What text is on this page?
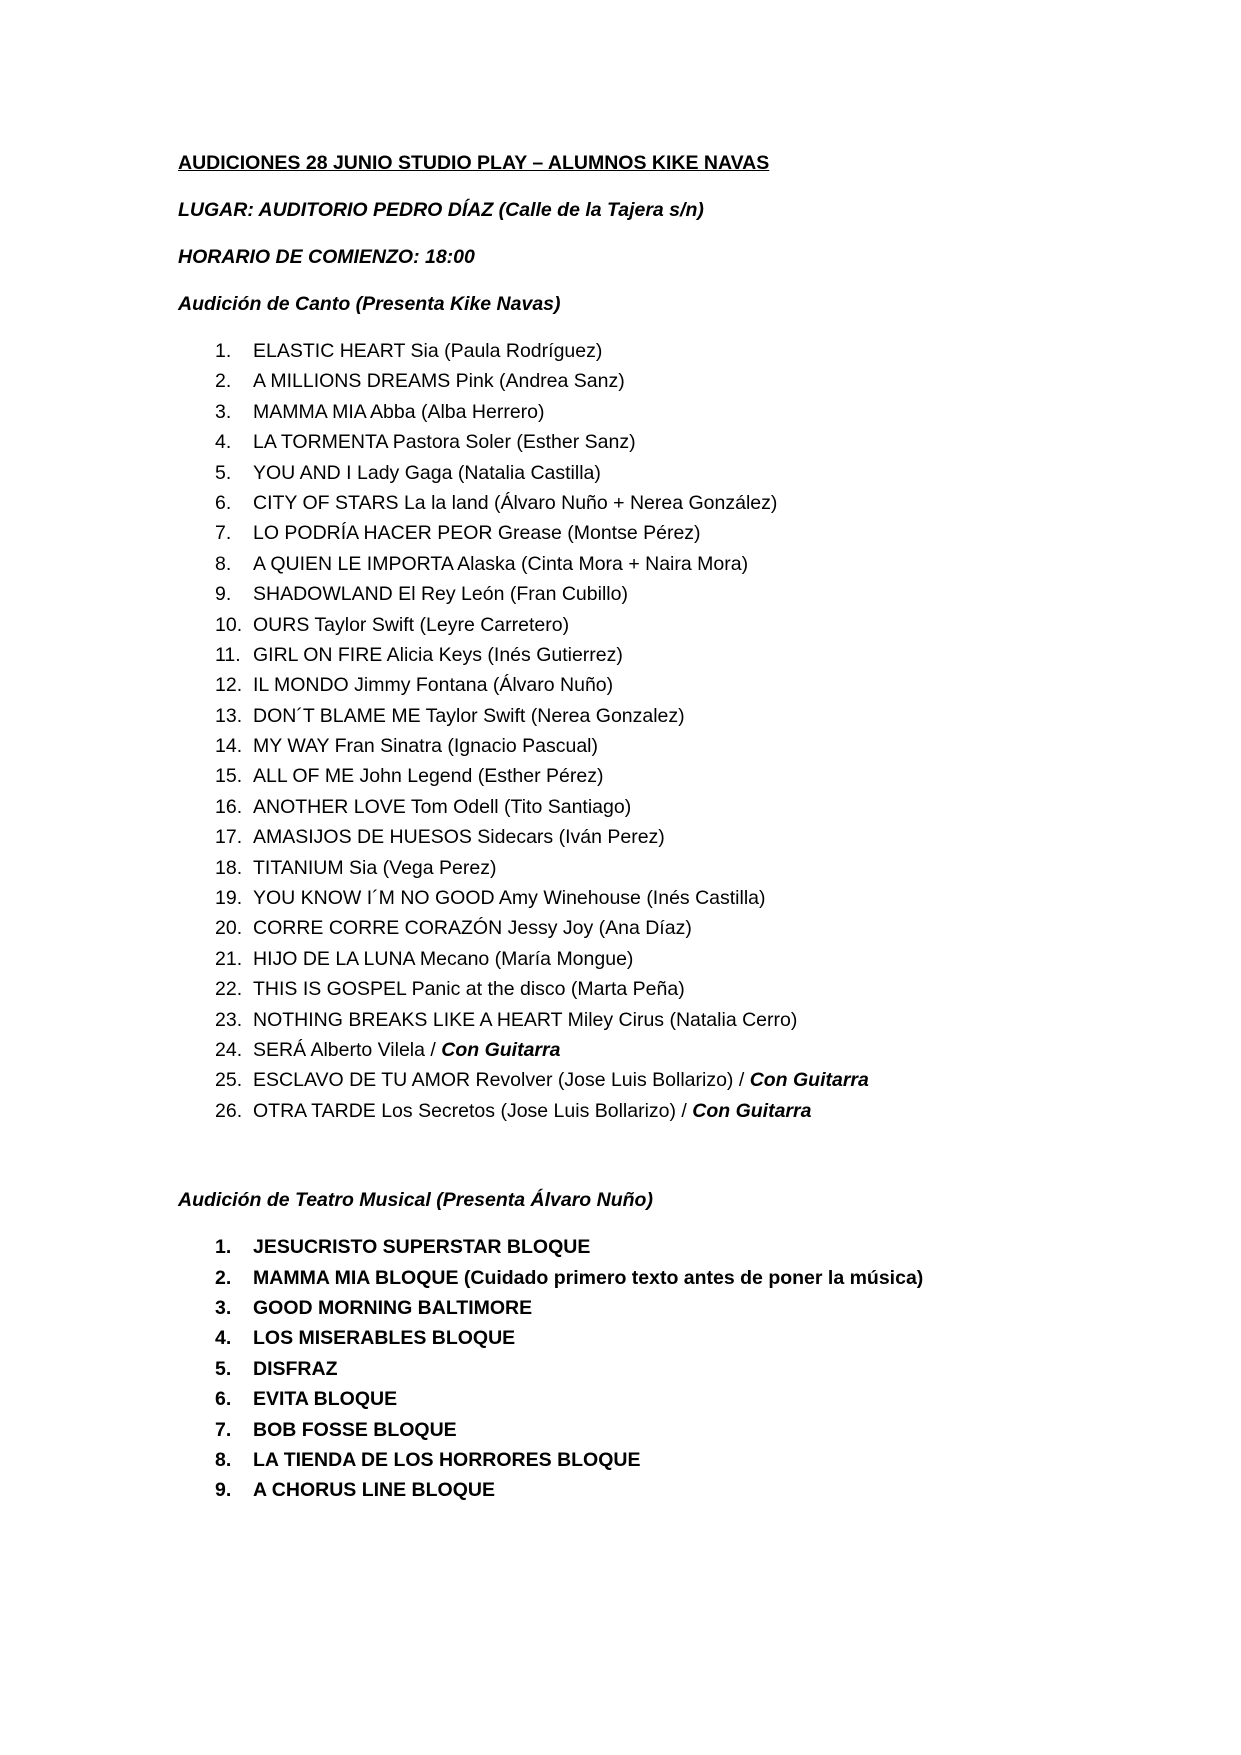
AUDICIONES 28 JUNIO STUDIO PLAY – ALUMNOS KIKE NAVAS
LUGAR: AUDITORIO PEDRO DÍAZ (Calle de la Tajera s/n)
HORARIO DE COMIENZO: 18:00
Audición de Canto (Presenta Kike Navas)
1. ELASTIC HEART Sia (Paula Rodríguez)
2. A MILLIONS DREAMS Pink (Andrea Sanz)
3. MAMMA MIA Abba (Alba Herrero)
4. LA TORMENTA Pastora Soler (Esther Sanz)
5. YOU AND I Lady Gaga (Natalia Castilla)
6. CITY OF STARS La la land (Álvaro Nuño + Nerea González)
7. LO PODRÍA HACER PEOR Grease (Montse Pérez)
8. A QUIEN LE IMPORTA Alaska (Cinta Mora + Naira Mora)
9. SHADOWLAND El Rey León (Fran Cubillo)
10. OURS Taylor Swift (Leyre Carretero)
11. GIRL ON FIRE Alicia Keys (Inés Gutierrez)
12. IL MONDO Jimmy Fontana (Álvaro Nuño)
13. DON´T BLAME ME Taylor Swift (Nerea Gonzalez)
14. MY WAY Fran Sinatra (Ignacio Pascual)
15. ALL OF ME John Legend (Esther Pérez)
16. ANOTHER LOVE Tom Odell (Tito Santiago)
17. AMASIJOS DE HUESOS Sidecars (Iván Perez)
18. TITANIUM Sia (Vega Perez)
19. YOU KNOW I´M NO GOOD Amy Winehouse (Inés Castilla)
20. CORRE CORRE CORAZÓN Jessy Joy (Ana Díaz)
21. HIJO DE LA LUNA Mecano (María Mongue)
22. THIS IS GOSPEL Panic at the disco (Marta Peña)
23. NOTHING BREAKS LIKE A HEART Miley Cirus (Natalia Cerro)
24. SERÁ Alberto Vilela / Con Guitarra
25. ESCLAVO DE TU AMOR Revolver (Jose Luis Bollarizo) / Con Guitarra
26. OTRA TARDE Los Secretos (Jose Luis Bollarizo) / Con Guitarra
Audición de Teatro Musical (Presenta Álvaro Nuño)
1. JESUCRISTO SUPERSTAR BLOQUE
2. MAMMA MIA BLOQUE (Cuidado primero texto antes de poner la música)
3. GOOD MORNING BALTIMORE
4. LOS MISERABLES BLOQUE
5. DISFRAZ
6. EVITA BLOQUE
7. BOB FOSSE BLOQUE
8. LA TIENDA DE LOS HORRORES BLOQUE
9. A CHORUS LINE BLOQUE
